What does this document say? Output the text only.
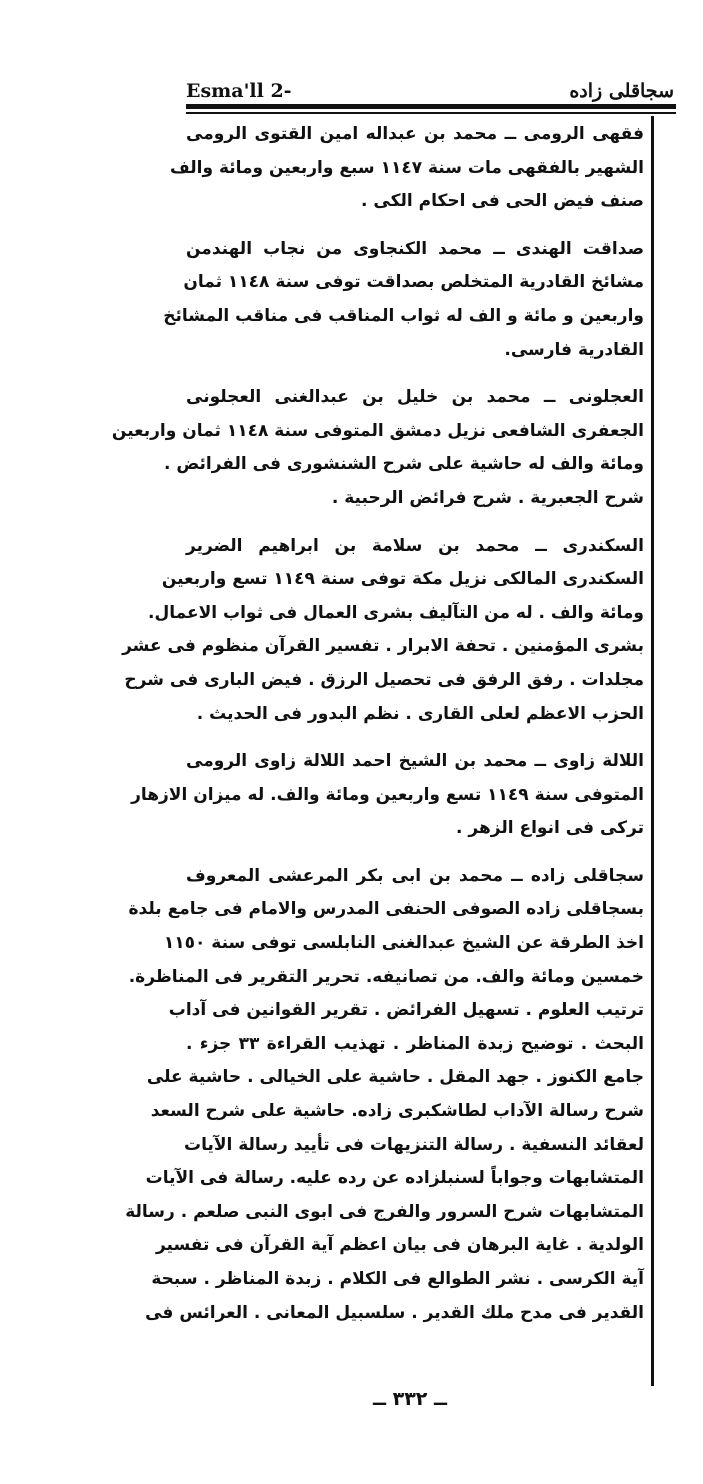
Esma'll 2-	سجاقلى زاده
فقهى الرومى ــ محمد بن عبداله امين القتوى الرومى
الشهير بالفقهى مات سنة ١١٤٧ سبع واربعين ومائة والف
صنف فيض الحى فى احكام الكى .
صداقت الهندى ــ محمد الكنجاوى من نجاب الهندمن
مشائخ القادرية المتخلص بصداقت توفى سنة ١١٤٨ ثمان
واربعين و مائة و الف له ثواب المناقب فى مناقب المشائخ
القادرية فارسى.
العجلونى ــ محمد بن خليل بن عبدالغنى العجلونى
الجعفرى الشافعى نزيل دمشق المتوفى سنة ١١٤٨ ثمان واربعين
ومائة والف له حاشية على شرح الشنشورى فى الفرائض .
شرح الجعبرية . شرح فرائض الرحبية .
السكندرى ــ محمد بن سلامة بن ابراهيم الضرير
السكندرى المالكى نزيل مكة توفى سنة ١١٤٩ تسع واربعين
ومائة والف . له من التآليف بشرى العمال فى ثواب الاعمال.
بشرى المؤمنين . تحفة الابرار . تفسير القرآن منظوم فى عشر
مجلدات . رفق الرفق فى تحصيل الرزق . فيض البارى فى شرح
الحزب الاعظم لعلى القارى . نظم البدور فى الحديث .
اللالة زاوى ــ محمد بن الشيخ احمد اللالة زاوى الرومى
المتوفى سنة ١١٤٩ تسع واربعين ومائة والف. له ميزان الازهار
تركى فى انواع الزهر .
سجاقلى زاده ــ محمد بن ابى بكر المرعشى المعروف
بسجاقلى زاده الصوفى الحنفى المدرس والامام فى جامع بلدة
اخذ الطرقة عن الشيخ عبدالغنى النابلسى توفى سنة ١١٥٠
خمسين ومائة والف. من تصانيفه. تحرير التقرير فى المناظرة.
ترتيب العلوم . تسهيل الفرائض . تقرير القوانين فى آداب
البحث . توضيح زبدة المناظر . تهذيب القراءة ٣٣ جزء .
جامع الكنوز . جهد المقل . حاشية على الخيالى . حاشية على
شرح رسالة الآداب لطاشكبرى زاده. حاشية على شرح السعد
لعقائد النسفية . رسالة التنزيهات فى تأييد رسالة الآيات
المتشابهات وجواباً لسنبلزاده عن رده عليه. رسالة فى الآيات
المتشابهات شرح السرور والفرج فى ابوى النبى صلعم . رسالة
الولدية . غاية البرهان فى بيان اعظم آية القرآن فى تفسير
آية الكرسى . نشر الطوالع فى الكلام . زبدة المناظر . سبحة
القدير فى مدح ملك القدير . سلسبيل المعانى . العرائس فى
ــ ٣٣٢ ــ
